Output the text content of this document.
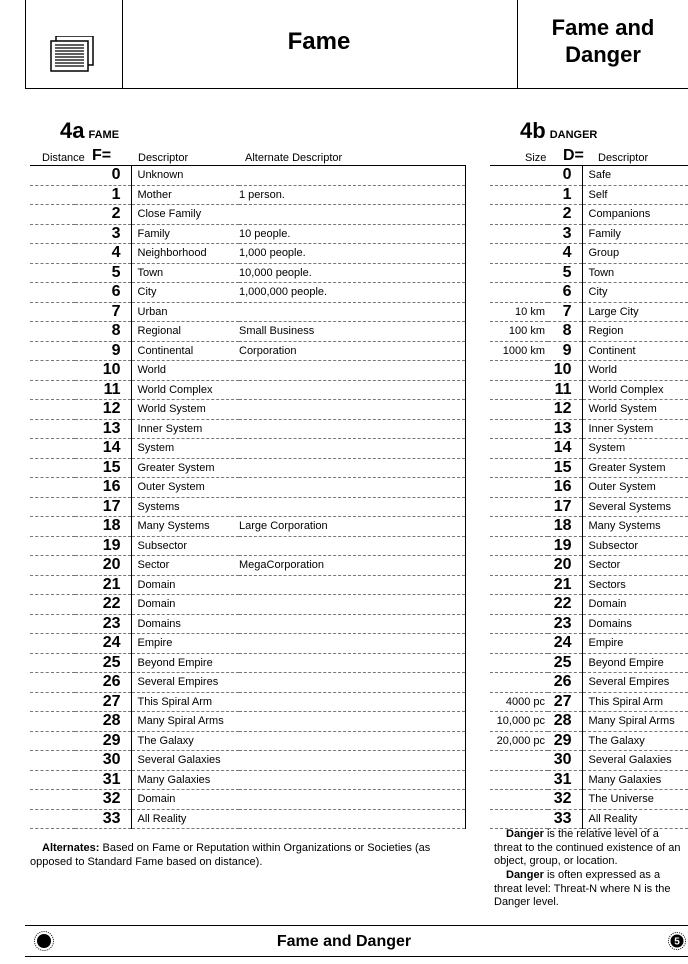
Fame
Fame and
Danger
4a FAME
Distance F= Descriptor	Alternate Descriptor
	0	Unknown	
	1	Mother	1 person.
	2	Close Family	
	3	Family	10 people.
	4	Neighborhood	1,000 people.
	5	Town	10,000 people.
	6	City	1,000,000 people.
	7	Urban	
	8	Regional	Small Business
	9	Continental	Corporation
	10	World	
	11	World Complex	
	12	World System	
	13	Inner System	
	14	System	
	15	Greater System	
	16	Outer System	
	17	Systems	
	18	Many Systems	Large Corporation
	19	Subsector	
	20	Sector	MegaCorporation
	21	Domain	
	22	Domain	
	23	Domains	
	24	Empire	
	25	Beyond Empire	
	26	Several Empires	
	27	This Spiral Arm	
	28	Many Spiral Arms	
	29	The Galaxy	
	30	Several Galaxies	
	31	Many Galaxies	
	32	Domain	
	33	All Reality	
Alternates: Based on Fame or Reputation within Organizations or Societies (as opposed to Standard Fame based on distance).
4b DANGER
Size D= Descriptor
	0	Safe
	1	Self
	2	Companions
	3	Family
	4	Group
	5	Town
	6	City
10 km	7	Large City
100 km	8	Region
1000 km	9	Continent
	10	World
	11	World Complex
	12	World System
	13	Inner System
	14	System
	15	Greater System
	16	Outer System
	17	Several Systems
	18	Many Systems
	19	Subsector
	20	Sector
	21	Sectors
	22	Domain
	23	Domains
	24	Empire
	25	Beyond Empire
	26	Several Empires
4000 pc	27	This Spiral Arm
10,000 pc	28	Many Spiral Arms
20,000 pc	29	The Galaxy
	30	Several Galaxies
	31	Many Galaxies
	32	The Universe
	33	All Reality
Danger is the relative level of a threat to the continued existence of an object, group, or location.
Danger is often expressed as a threat level: Threat-N where N is the Danger level.
Fame and Danger	5
